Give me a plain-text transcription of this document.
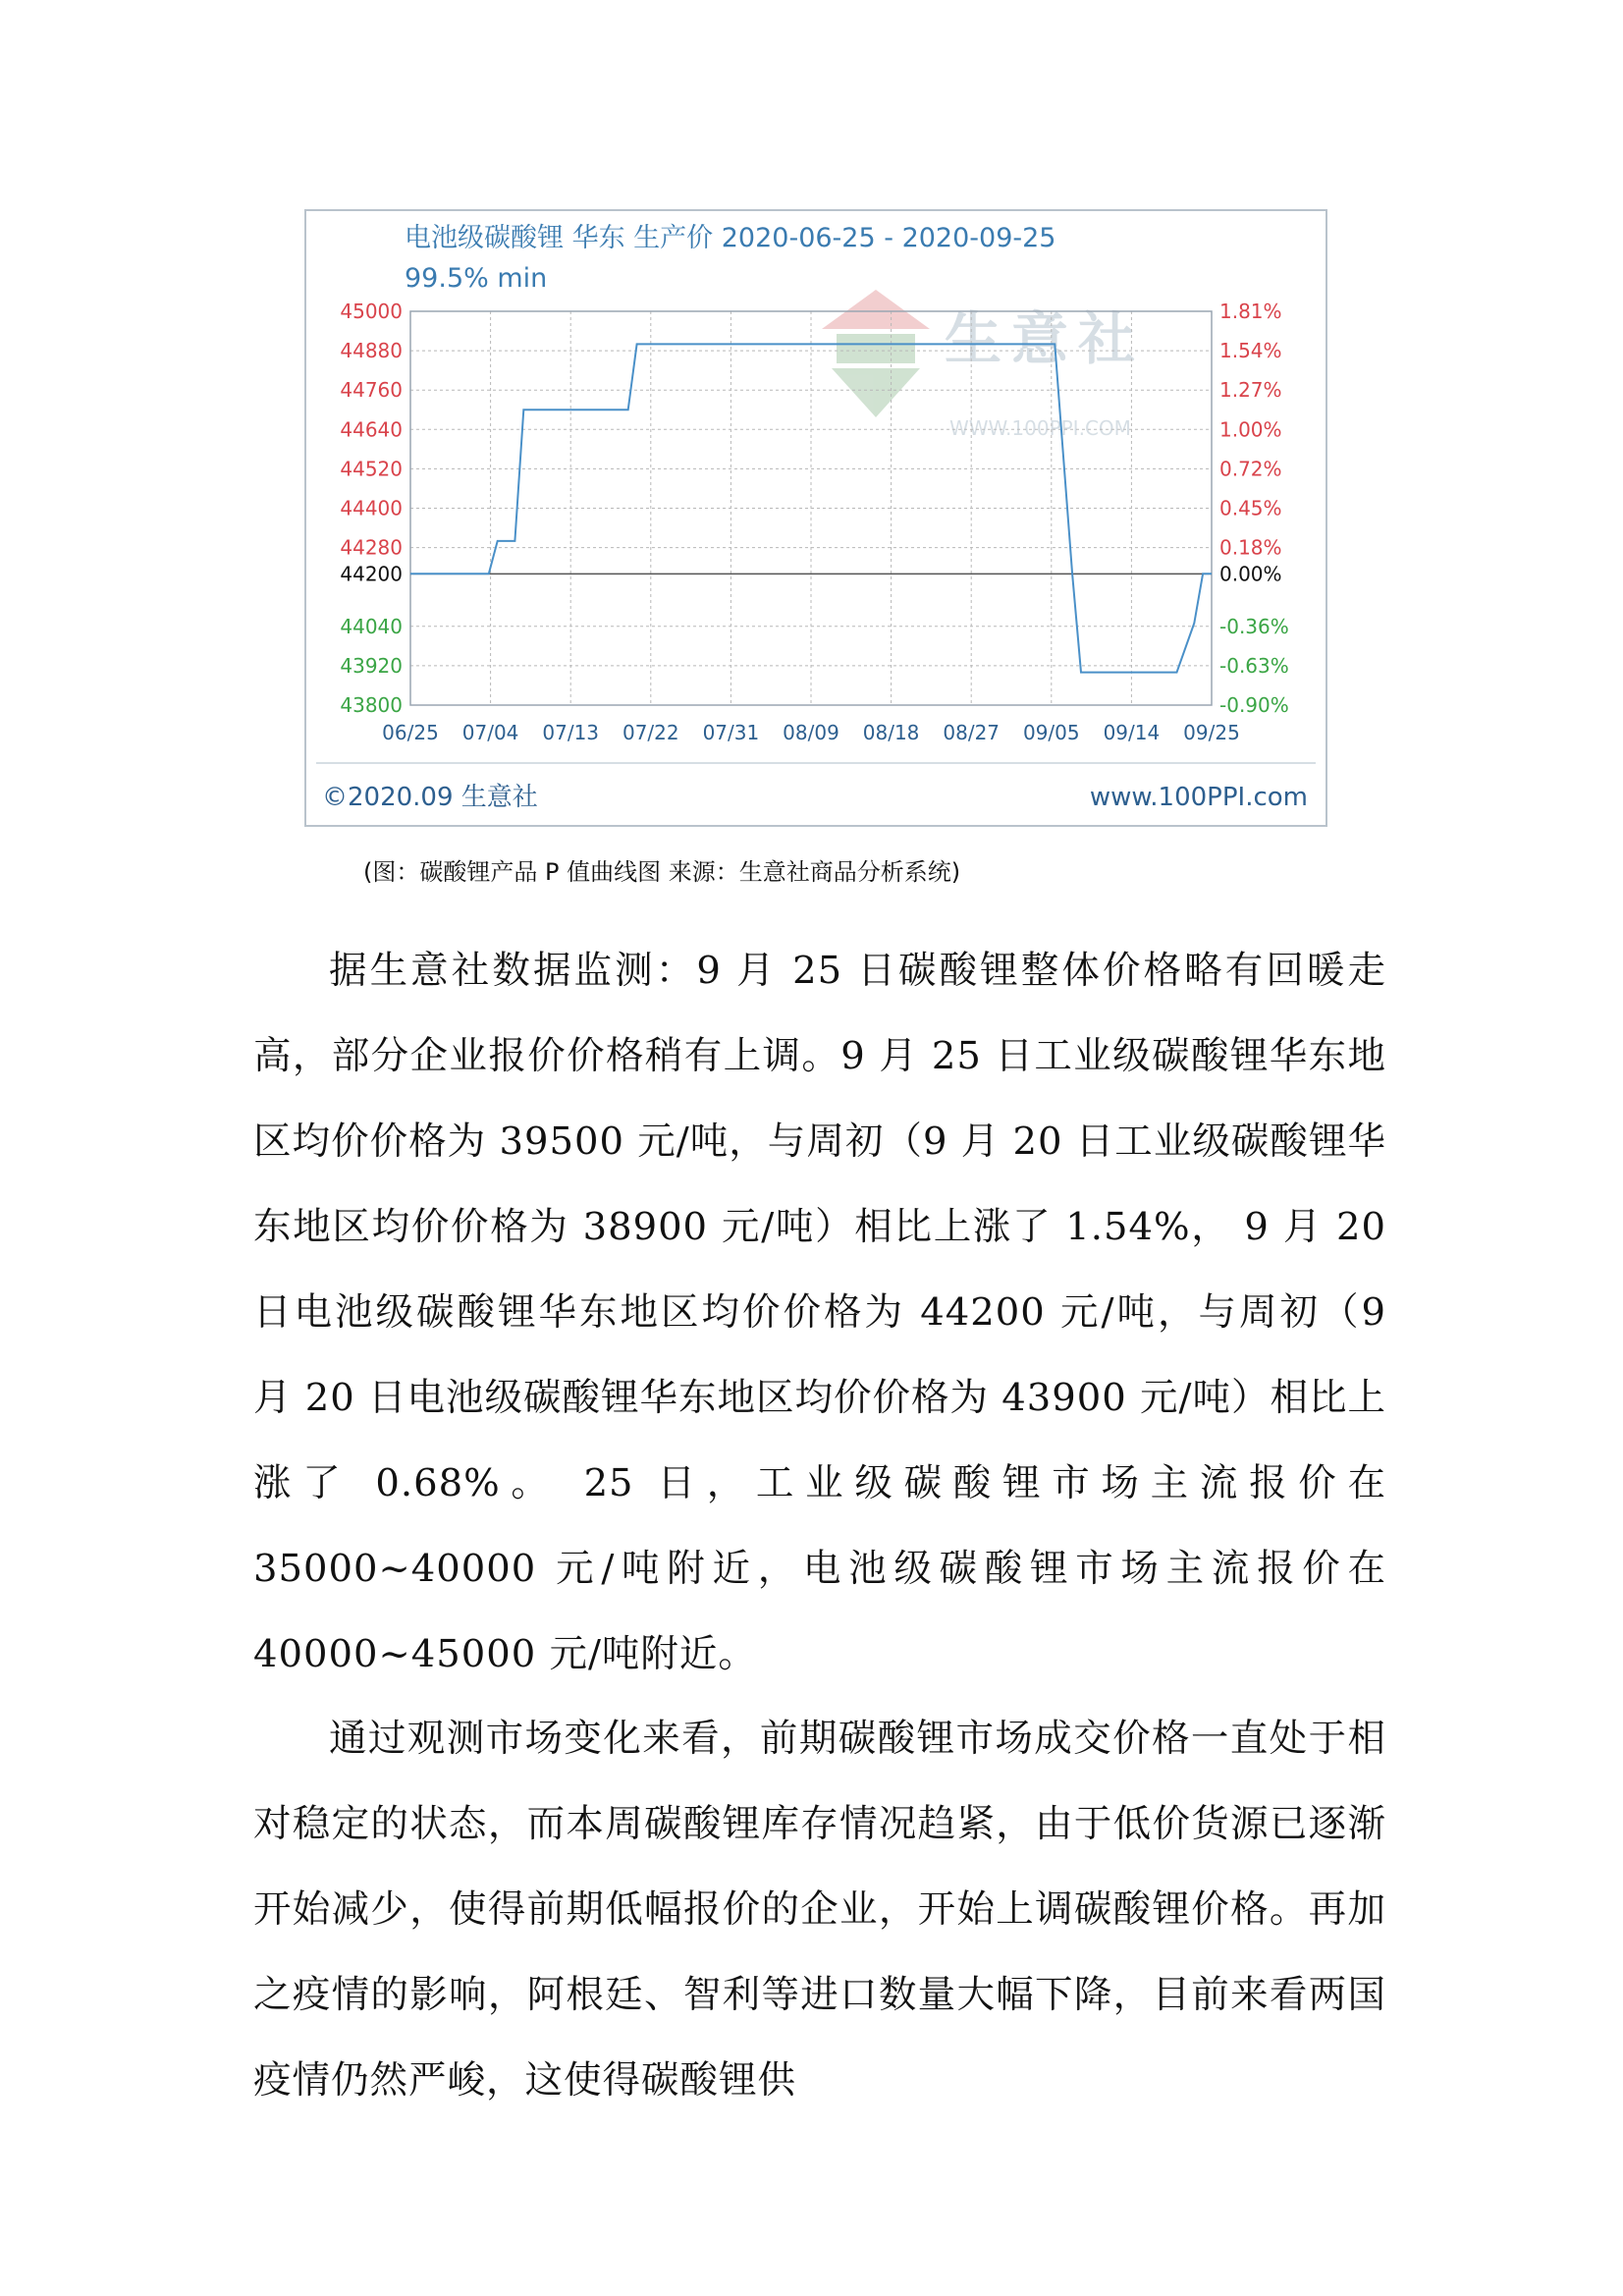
生意社
WWW.100PPI.COM
电池级碳酸锂 华东 生产价 2020-06-25 - 2020-09-25
99.5% min
45000
44880
44760
44640
44520
44400
44280
44200
44040
43920
43800
1.81%
1.54%
1.27%
1.00%
0.72%
0.45%
0.18%
0.00%
-0.36%
-0.63%
-0.90%
06/25 07/04 07/13 07/22 07/31 08/09 08/18 08/27 09/05 09/14 09/25
©2020.09 生意社	www.100PPI.com
(图：碳酸锂产品 P 值曲线图 来源：生意社商品分析系统)

据生意社数据监测：9 月 25 日碳酸锂整体价格略有回暖走高，部分企业报价价格稍有上调。9 月 25 日工业级碳酸锂华东地区均价价格为 39500 元/吨，与周初（9 月 20 日工业级碳酸锂华东地区均价价格为 38900 元/吨）相比上涨了 1.54%， 9 月 20 日电池级碳酸锂华东地区均价价格为 44200 元/吨，与周初（9 月 20 日电池级碳酸锂华东地区均价价格为 43900 元/吨）相比上涨了 0.68%。 25 日，工业级碳酸锂市场主流报价在 35000~40000 元/吨附近，电池级碳酸锂市场主流报价在 40000~45000 元/吨附近。

通过观测市场变化来看，前期碳酸锂市场成交价格一直处于相对稳定的状态，而本周碳酸锂库存情况趋紧，由于低价货源已逐渐开始减少，使得前期低幅报价的企业，开始上调碳酸锂价格。再加之疫情的影响，阿根廷、智利等进口数量大幅下降，目前来看两国疫情仍然严峻，这使得碳酸锂供
